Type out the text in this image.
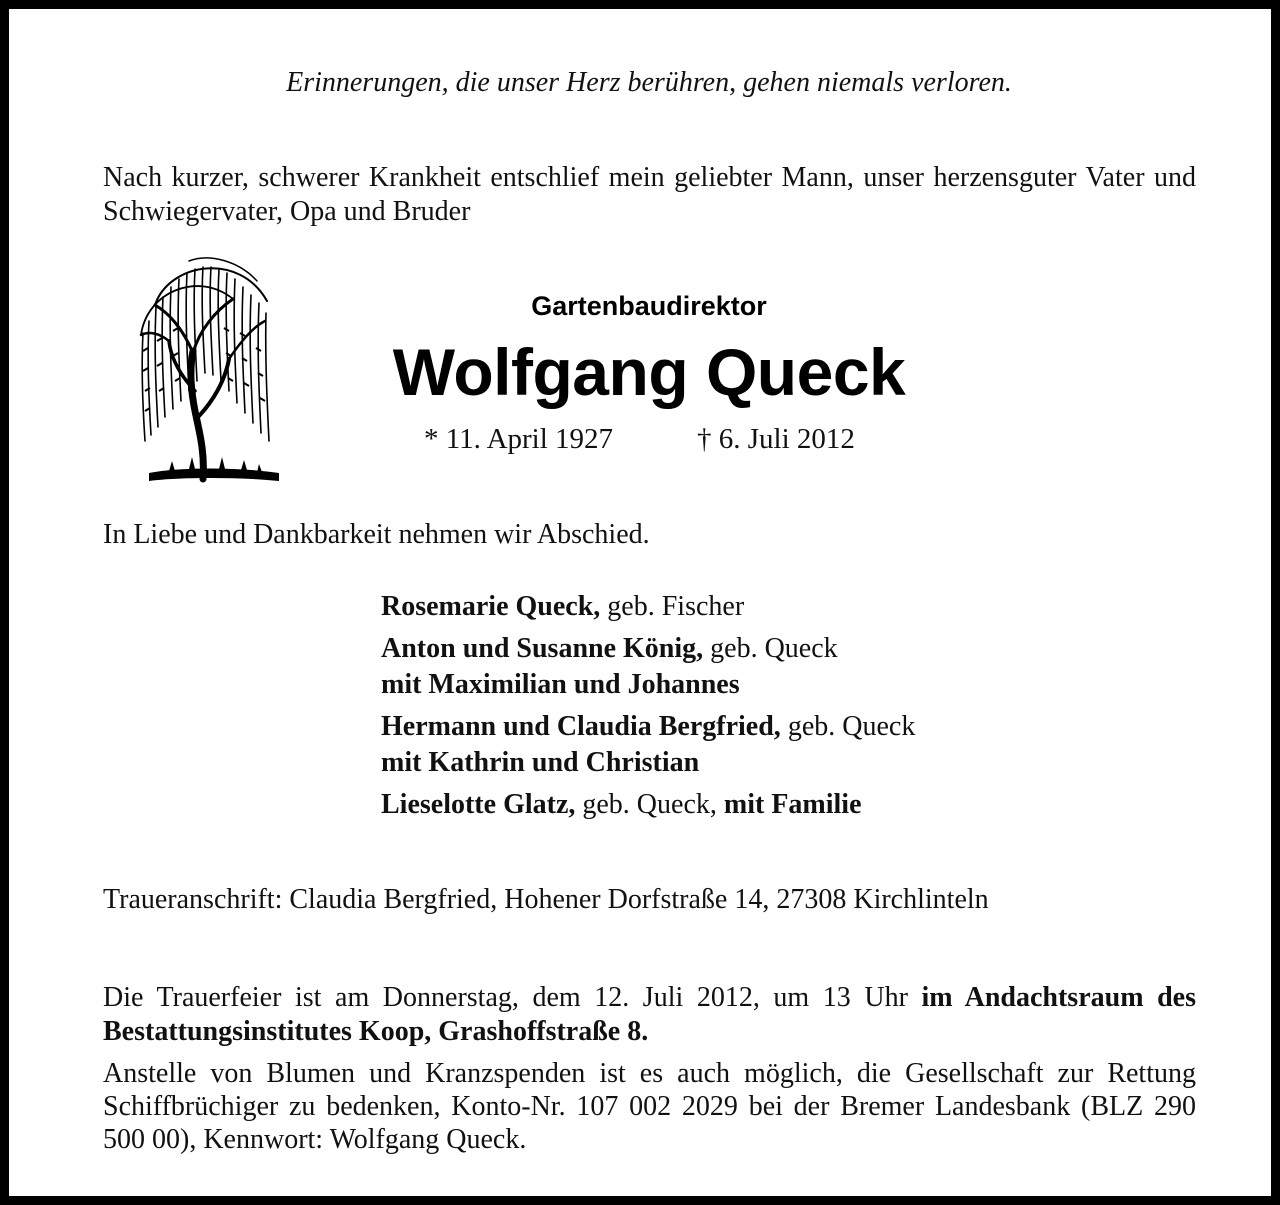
Erinnerungen, die unser Herz berühren, gehen niemals verloren.
Nach kurzer, schwerer Krankheit entschlief mein geliebter Mann, unser herzensguter Vater und Schwiegervater, Opa und Bruder
Gartenbaudirektor
Wolfgang Queck
* 11. April 1927	† 6. Juli 2012
In Liebe und Dankbarkeit nehmen wir Abschied.
Rosemarie Queck, geb. Fischer
Anton und Susanne König, geb. Queck
mit Maximilian und Johannes
Hermann und Claudia Bergfried, geb. Queck
mit Kathrin und Christian
Lieselotte Glatz, geb. Queck, mit Familie
Traueranschrift: Claudia Bergfried, Hohener Dorfstraße 14, 27308 Kirchlinteln
Die Trauerfeier ist am Donnerstag, dem 12. Juli 2012, um 13 Uhr im Andachtsraum des Bestattungsinstitutes Koop, Grashoffstraße 8.
Anstelle von Blumen und Kranzspenden ist es auch möglich, die Gesellschaft zur Rettung Schiffbrüchiger zu bedenken, Konto-Nr. 107 002 2029 bei der Bremer Landesbank (BLZ 290 500 00), Kennwort: Wolfgang Queck.
